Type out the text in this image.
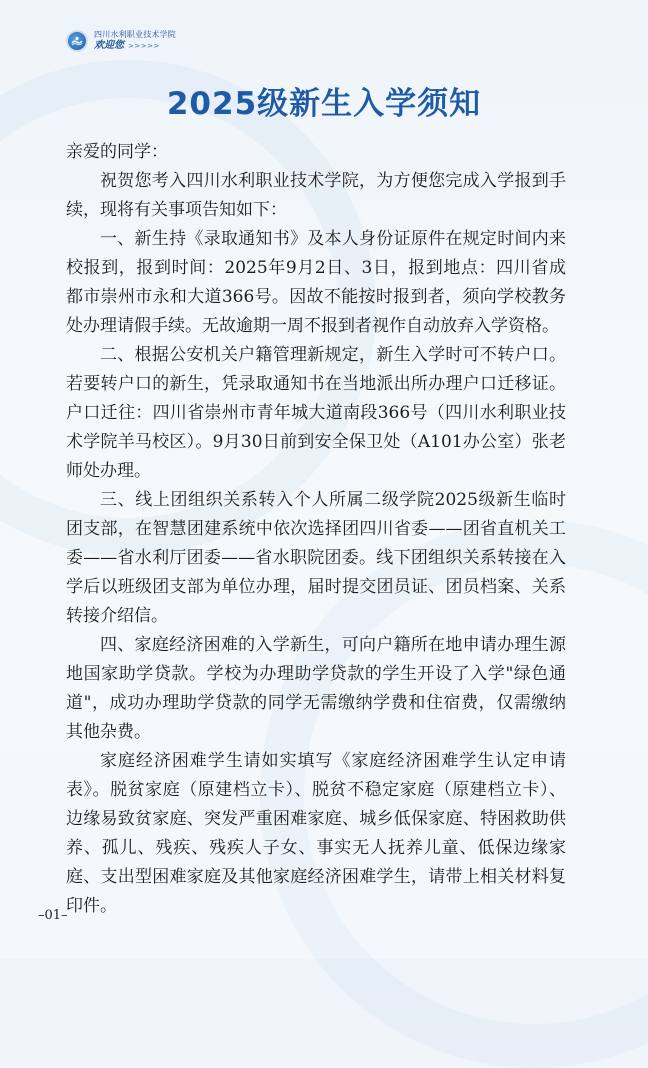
四川水利职业技术学院
欢迎您 >>>>>
2025级新生入学须知

亲爱的同学：

祝贺您考入四川水利职业技术学院，为方便您完成入学报到手续，现将有关事项告知如下：

一、新生持《录取通知书》及本人身份证原件在规定时间内来校报到，报到时间：2025年9月2日、3日，报到地点：四川省成都市崇州市永和大道366号。因故不能按时报到者，须向学校教务处办理请假手续。无故逾期一周不报到者视作自动放弃入学资格。

二、根据公安机关户籍管理新规定，新生入学时可不转户口。若要转户口的新生，凭录取通知书在当地派出所办理户口迁移证。户口迁往：四川省崇州市青年城大道南段366号（四川水利职业技术学院羊马校区）。9月30日前到安全保卫处（A101办公室）张老师处办理。

三、线上团组织关系转入个人所属二级学院2025级新生临时团支部，在智慧团建系统中依次选择团四川省委——团省直机关工委——省水利厅团委——省水职院团委。线下团组织关系转接在入学后以班级团支部为单位办理，届时提交团员证、团员档案、关系转接介绍信。

四、家庭经济困难的入学新生，可向户籍所在地申请办理生源地国家助学贷款。学校为办理助学贷款的学生开设了入学"绿色通道"，成功办理助学贷款的同学无需缴纳学费和住宿费，仅需缴纳其他杂费。

家庭经济困难学生请如实填写《家庭经济困难学生认定申请表》。脱贫家庭（原建档立卡）、脱贫不稳定家庭（原建档立卡）、边缘易致贫家庭、突发严重困难家庭、城乡低保家庭、特困救助供养、孤儿、残疾、残疾人子女、事实无人抚养儿童、低保边缘家庭、支出型困难家庭及其他家庭经济困难学生，请带上相关材料复印件。

–01–
